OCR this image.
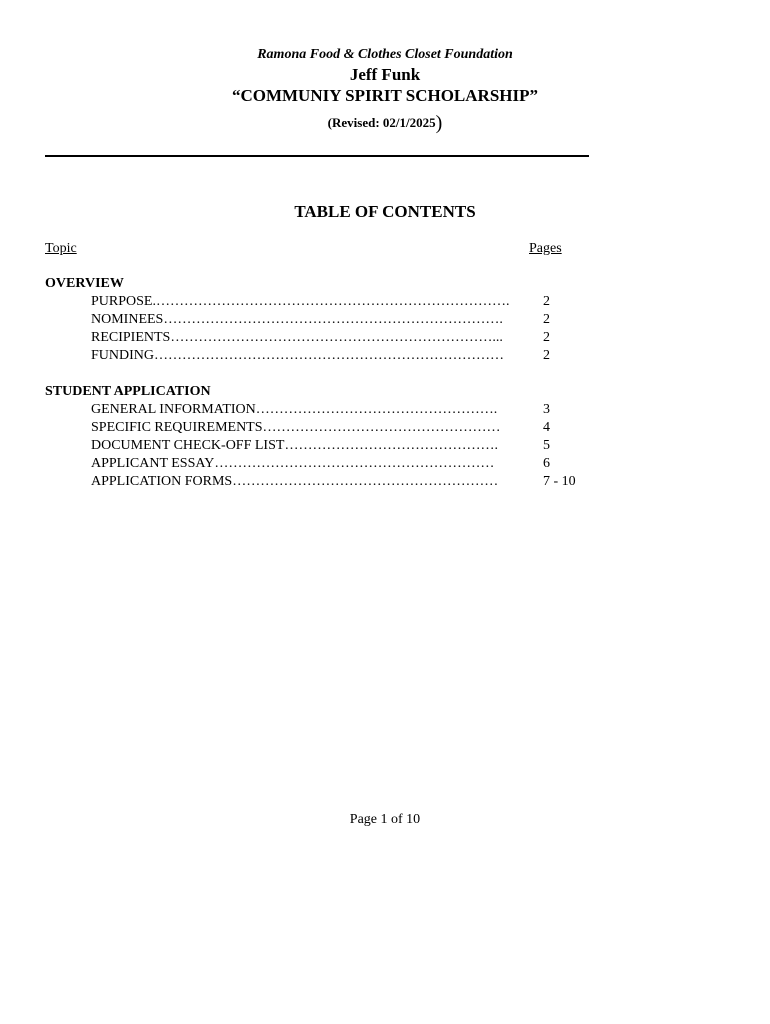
Ramona Food & Clothes Closet Foundation
Jeff Funk
“COMMUNIY SPIRIT SCHOLARSHIP”
(Revised: 02/1/2025)
TABLE OF CONTENTS
Topic	Pages
OVERVIEW
PURPOSE.………………………………………………………………….	2
NOMINEES……………………………………………………………….	2
RECIPIENTS……………………………………………………………...	2
FUNDING…………………………………………………………………	2
STUDENT APPLICATION
GENERAL INFORMATION…………………………………………….	3
SPECIFIC REQUIREMENTS……………………………………………	4
DOCUMENT CHECK-OFF LIST……………………………………….	5
APPLICANT ESSAY……………………………………………………	6
APPLICATION FORMS…………………………………………………	7 - 10
Page 1 of 10
